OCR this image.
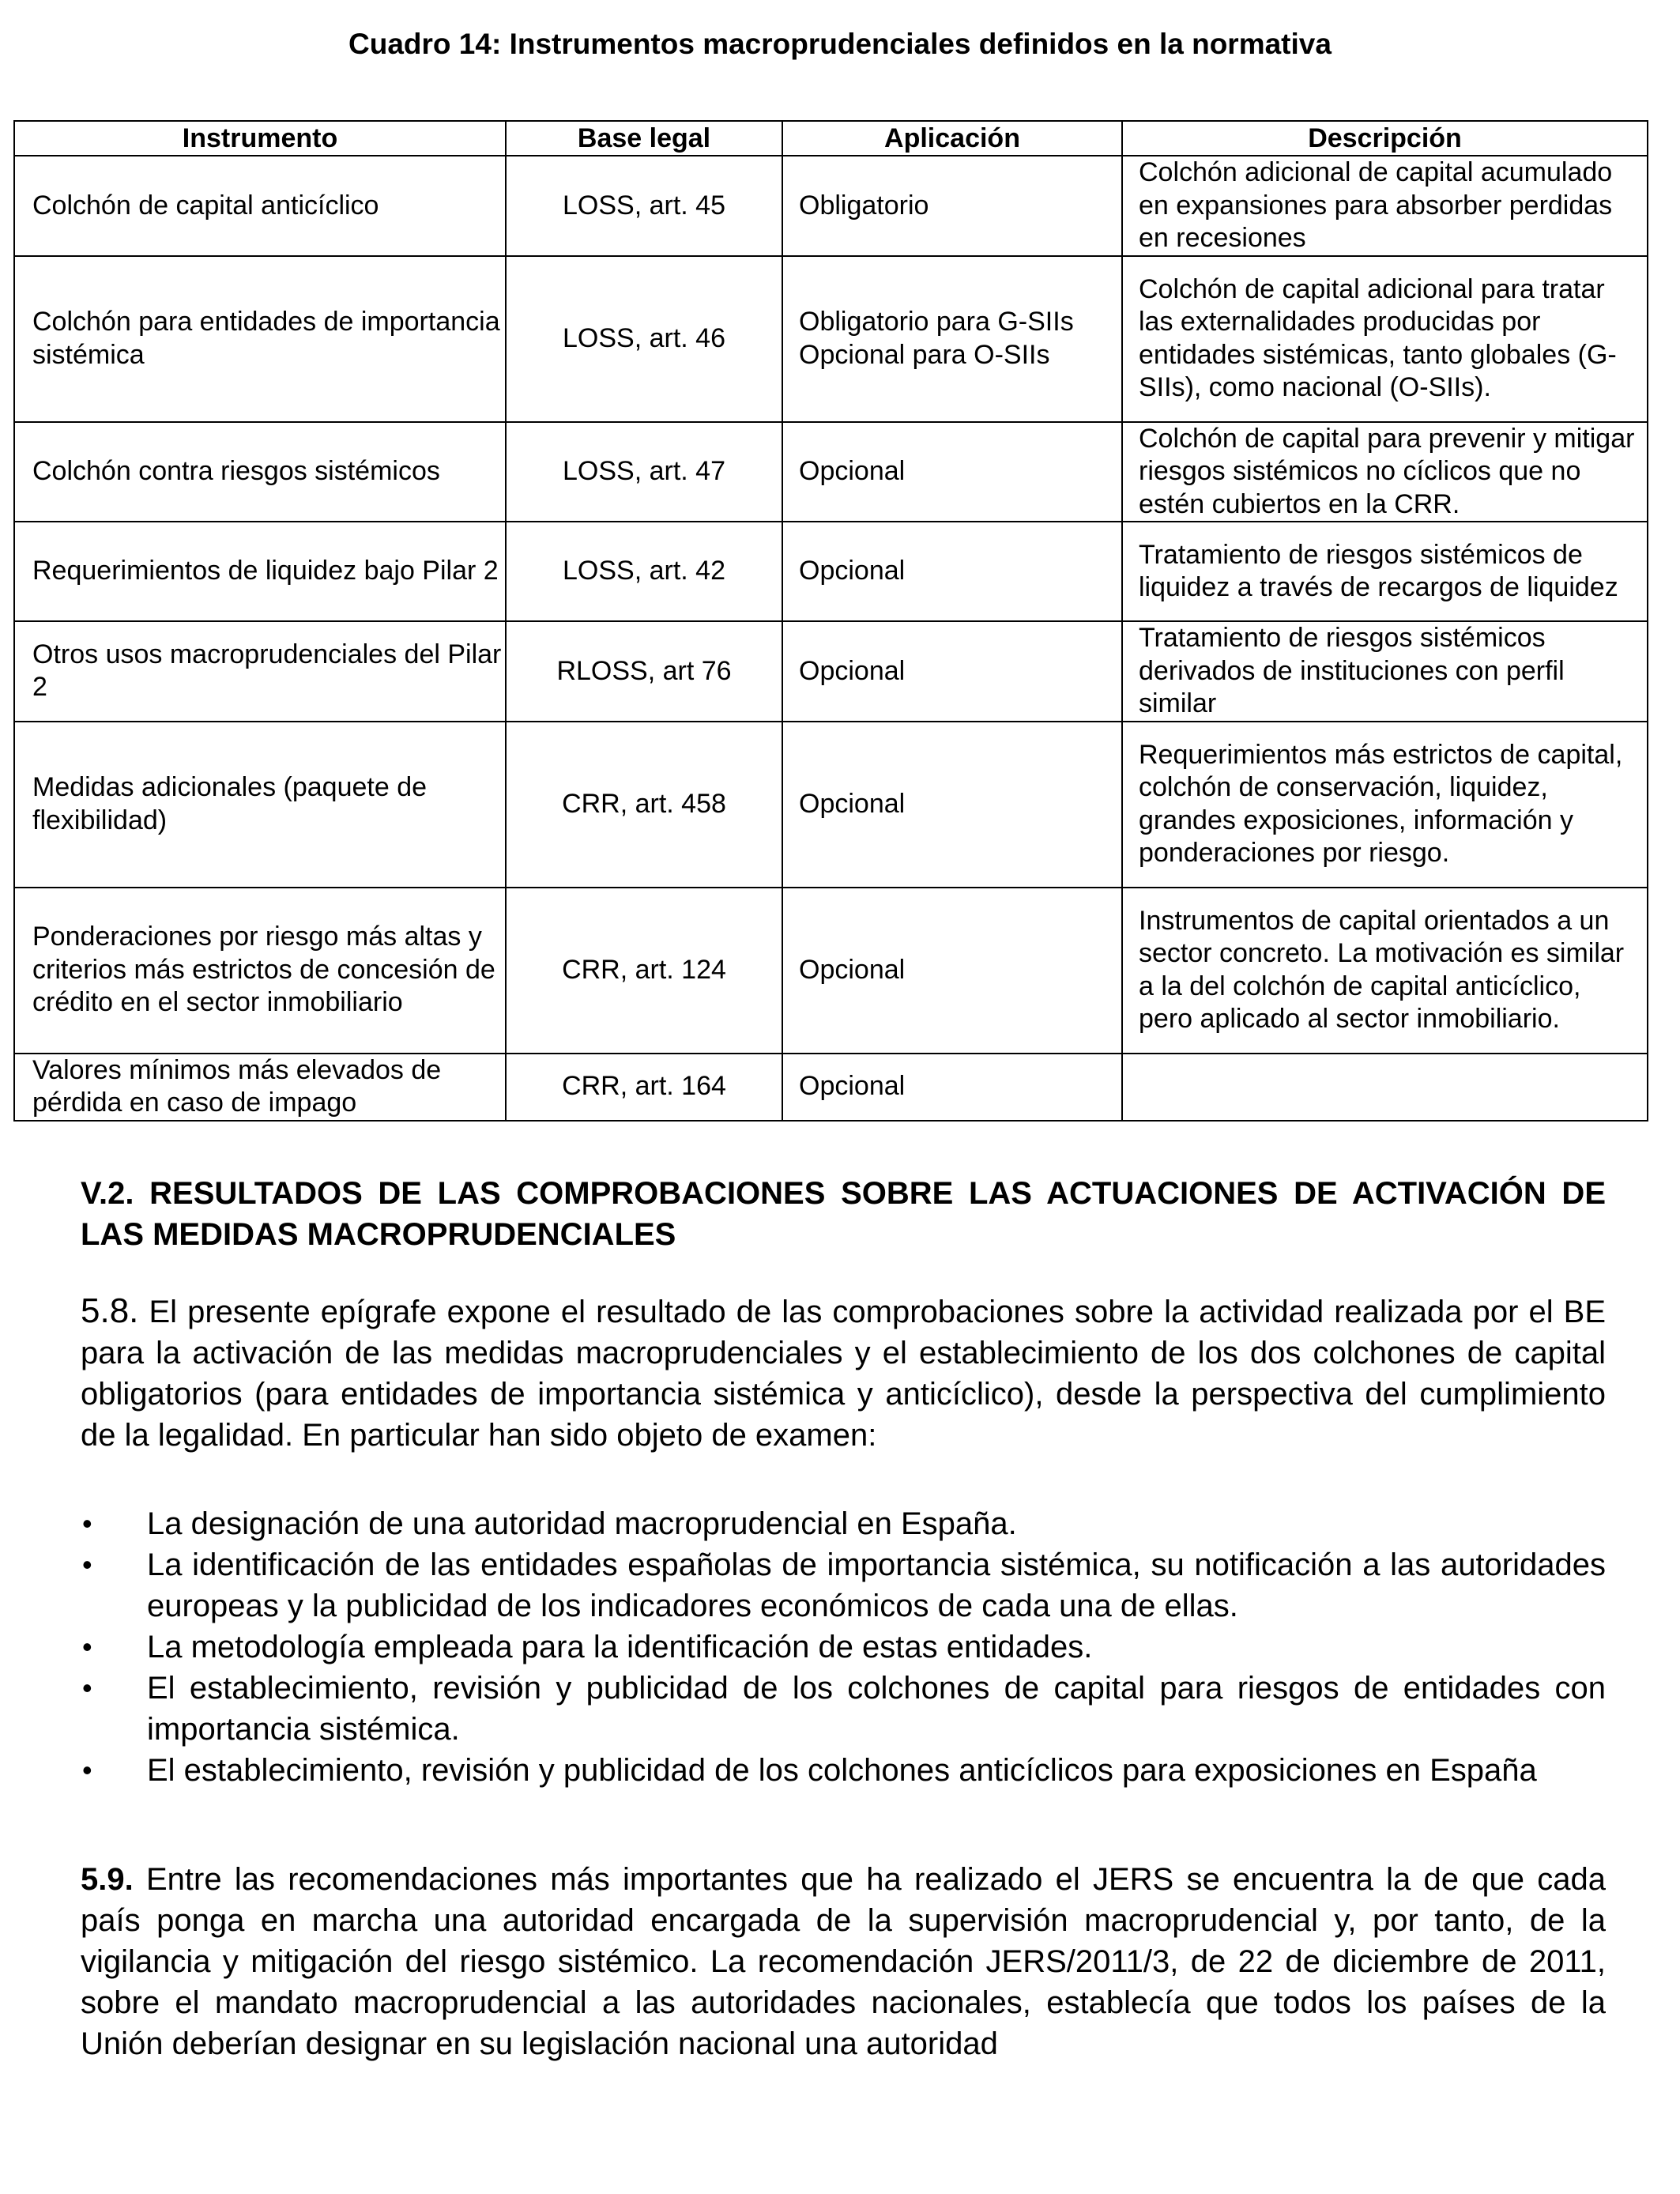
Cuadro 14: Instrumentos macroprudenciales definidos en la normativa
Instrumento	Base legal	Aplicación	Descripción
Colchón de capital anticíclico	LOSS, art. 45	Obligatorio	Colchón adicional de capital acumulado en expansiones para absorber perdidas en recesiones
Colchón para entidades de importancia sistémica	LOSS, art. 46	Obligatorio para G-SIIs Opcional para O-SIIs	Colchón de capital adicional para tratar las externalidades producidas por entidades sistémicas, tanto globales (G-SIIs), como nacional (O-SIIs).
Colchón contra riesgos sistémicos	LOSS, art. 47	Opcional	Colchón de capital para prevenir y mitigar riesgos sistémicos no cíclicos que no estén cubiertos en la CRR.
Requerimientos de liquidez bajo Pilar 2	LOSS, art. 42	Opcional	Tratamiento de riesgos sistémicos de liquidez a través de recargos de liquidez
Otros usos macroprudenciales del Pilar 2	RLOSS, art 76	Opcional	Tratamiento de riesgos sistémicos derivados de instituciones con perfil similar
Medidas adicionales (paquete de flexibilidad)	CRR, art. 458	Opcional	Requerimientos más estrictos de capital, colchón de conservación, liquidez, grandes exposiciones, información y ponderaciones por riesgo.
Ponderaciones por riesgo más altas y criterios más estrictos de concesión de crédito en el sector inmobiliario	CRR, art. 124	Opcional	Instrumentos de capital orientados a un sector concreto. La motivación es similar a la del colchón de capital anticíclico, pero aplicado al sector inmobiliario.
Valores mínimos más elevados de pérdida en caso de impago	CRR, art. 164	Opcional	
V.2. RESULTADOS DE LAS COMPROBACIONES SOBRE LAS ACTUACIONES DE ACTIVACIÓN DE LAS MEDIDAS MACROPRUDENCIALES
5.8. El presente epígrafe expone el resultado de las comprobaciones sobre la actividad realizada por el BE para la activación de las medidas macroprudenciales y el establecimiento de los dos colchones de capital obligatorios (para entidades de importancia sistémica y anticíclico), desde la perspectiva del cumplimiento de la legalidad. En particular han sido objeto de examen:
•	La designación de una autoridad macroprudencial en España.
•	La identificación de las entidades españolas de importancia sistémica, su notificación a las autoridades europeas y la publicidad de los indicadores económicos de cada una de ellas.
•	La metodología empleada para la identificación de estas entidades.
•	El establecimiento, revisión y publicidad de los colchones de capital para riesgos de entidades con importancia sistémica.
•	El establecimiento, revisión y publicidad de los colchones anticíclicos para exposiciones en España
5.9. Entre las recomendaciones más importantes que ha realizado el JERS se encuentra la de que cada país ponga en marcha una autoridad encargada de la supervisión macroprudencial y, por tanto, de la vigilancia y mitigación del riesgo sistémico. La recomendación JERS/2011/3, de 22 de diciembre de 2011, sobre el mandato macroprudencial a las autoridades nacionales, establecía que todos los países de la Unión deberían designar en su legislación nacional una autoridad
